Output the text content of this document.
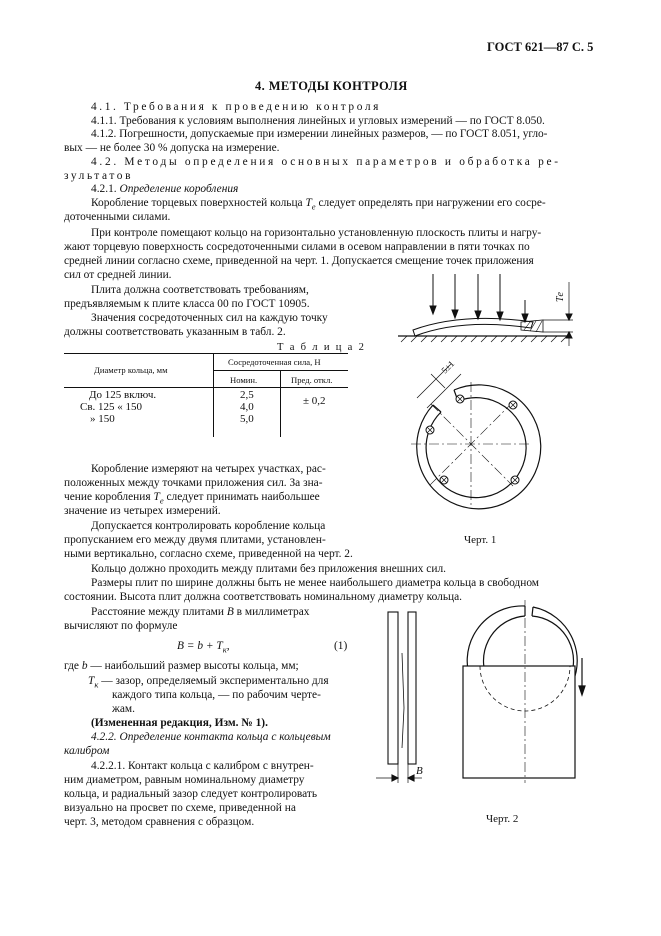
ГОСТ 621—87 С. 5
4. МЕТОДЫ КОНТРОЛЯ
4.1. Требования к проведению контроля
4.1.1. Требования к условиям выполнения линейных и угловых измерений — по ГОСТ 8.050.
4.1.2. Погрешности, допускаемые при измерении линейных размеров, — по ГОСТ 8.051, угло-
вых — не более 30 % допуска на измерение.
4.2. Методы определения основных параметров и обработка ре-
зультатов
4.2.1. Определение коробления
Коробление торцевых поверхностей кольца $T_e$ следует определять при нагружении его сосре-
доточенными силами.
При контроле помещают кольцо на горизонтально установленную плоскость плиты и нагру-
жают торцевую поверхность сосредоточенными силами в осевом направлении в пяти точках по
средней линии согласно схеме, приведенной на черт. 1. Допускается смещение точек приложения
сил от средней линии.
Плита должна соответствовать требованиям,
предъявляемым к плите класса 00 по ГОСТ 10905.
Значения сосредоточенных сил на каждую точку
должны соответствовать указанным в табл. 2.
Т а б л и ц а 2
Диаметр кольца, мм
Сосредоточенная сила, Н
Номин.	Пред. откл.
До 125 включ.
Св. 125 « 150
» 150
2,5
4,0
5,0
± 0,2
Коробление измеряют на четырех участках, рас-
положенных между точками приложения сил. За зна-
чение коробления $T_e$ следует принимать наибольшее
значение из четырех измерений.
Допускается контролировать коробление кольца
пропусканием его между двумя плитами, установлен-
ными вертикально, согласно схеме, приведенной на черт. 2.
Кольцо должно проходить между плитами без приложения внешних сил.
Размеры плит по ширине должны быть не менее наибольшего диаметра кольца в свободном
состоянии. Высота плит должна соответствовать номинальному диаметру кольца.
Расстояние между плитами B в миллиметрах
вычисляют по формуле
$B = b + T_к$,	(1)
где b — наибольший размер высоты кольца, мм;
$T_к$ — зазор, определяемый экспериментально для
каждого типа кольца, — по рабочим черте-
жам.
(Измененная редакция, Изм. № 1).
4.2.2. Определение контакта кольца с кольцевым
калибром
4.2.2.1. Контакт кольца с калибром с внутрен-
ним диаметром, равным номинальному диаметру
кольца, и радиальный зазор следует контролировать
визуально на просвет по схеме, приведенной на
черт. 3, методом сравнения с образцом.
Tе
5±1
Черт. 1
B
Черт. 2
